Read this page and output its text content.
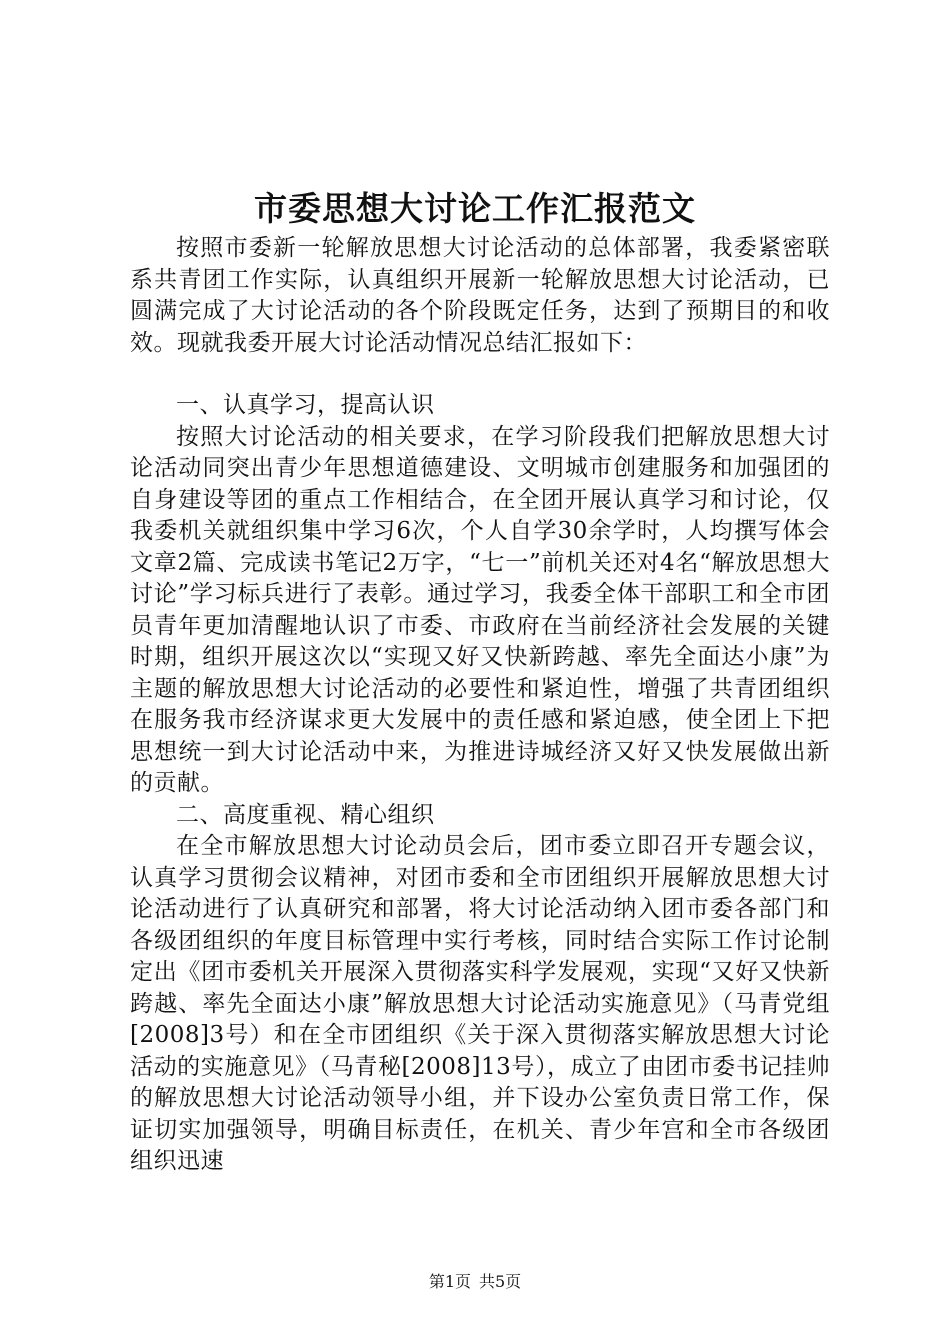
市委思想大讨论工作汇报范文

按照市委新一轮解放思想大讨论活动的总体部署，我委紧密联系共青团工作实际，认真组织开展新一轮解放思想大讨论活动，已圆满完成了大讨论活动的各个阶段既定任务，达到了预期目的和收效。现就我委开展大讨论活动情况总结汇报如下：

一、认真学习，提高认识

按照大讨论活动的相关要求，在学习阶段我们把解放思想大讨论活动同突出青少年思想道德建设、文明城市创建服务和加强团的自身建设等团的重点工作相结合，在全团开展认真学习和讨论，仅我委机关就组织集中学习6次，个人自学30余学时，人均撰写体会文章2篇、完成读书笔记2万字，“七一”前机关还对4名“解放思想大讨论”学习标兵进行了表彰。通过学习，我委全体干部职工和全市团员青年更加清醒地认识了市委、市政府在当前经济社会发展的关键时期，组织开展这次以“实现又好又快新跨越、率先全面达小康”为主题的解放思想大讨论活动的必要性和紧迫性，增强了共青团组织在服务我市经济谋求更大发展中的责任感和紧迫感，使全团上下把思想统一到大讨论活动中来，为推进诗城经济又好又快发展做出新的贡献。

二、高度重视、精心组织

在全市解放思想大讨论动员会后，团市委立即召开专题会议，认真学习贯彻会议精神，对团市委和全市团组织开展解放思想大讨论活动进行了认真研究和部署，将大讨论活动纳入团市委各部门和各级团组织的年度目标管理中实行考核，同时结合实际工作讨论制定出《团市委机关开展深入贯彻落实科学发展观，实现“又好又快新跨越、率先全面达小康”解放思想大讨论活动实施意见》（马青党组[2008]3号）和在全市团组织《关于深入贯彻落实解放思想大讨论活动的实施意见》（马青秘[2008]13号），成立了由团市委书记挂帅的解放思想大讨论活动领导小组，并下设办公室负责日常工作，保证切实加强领导，明确目标责任，在机关、青少年宫和全市各级团组织迅速

第1页 共5页
